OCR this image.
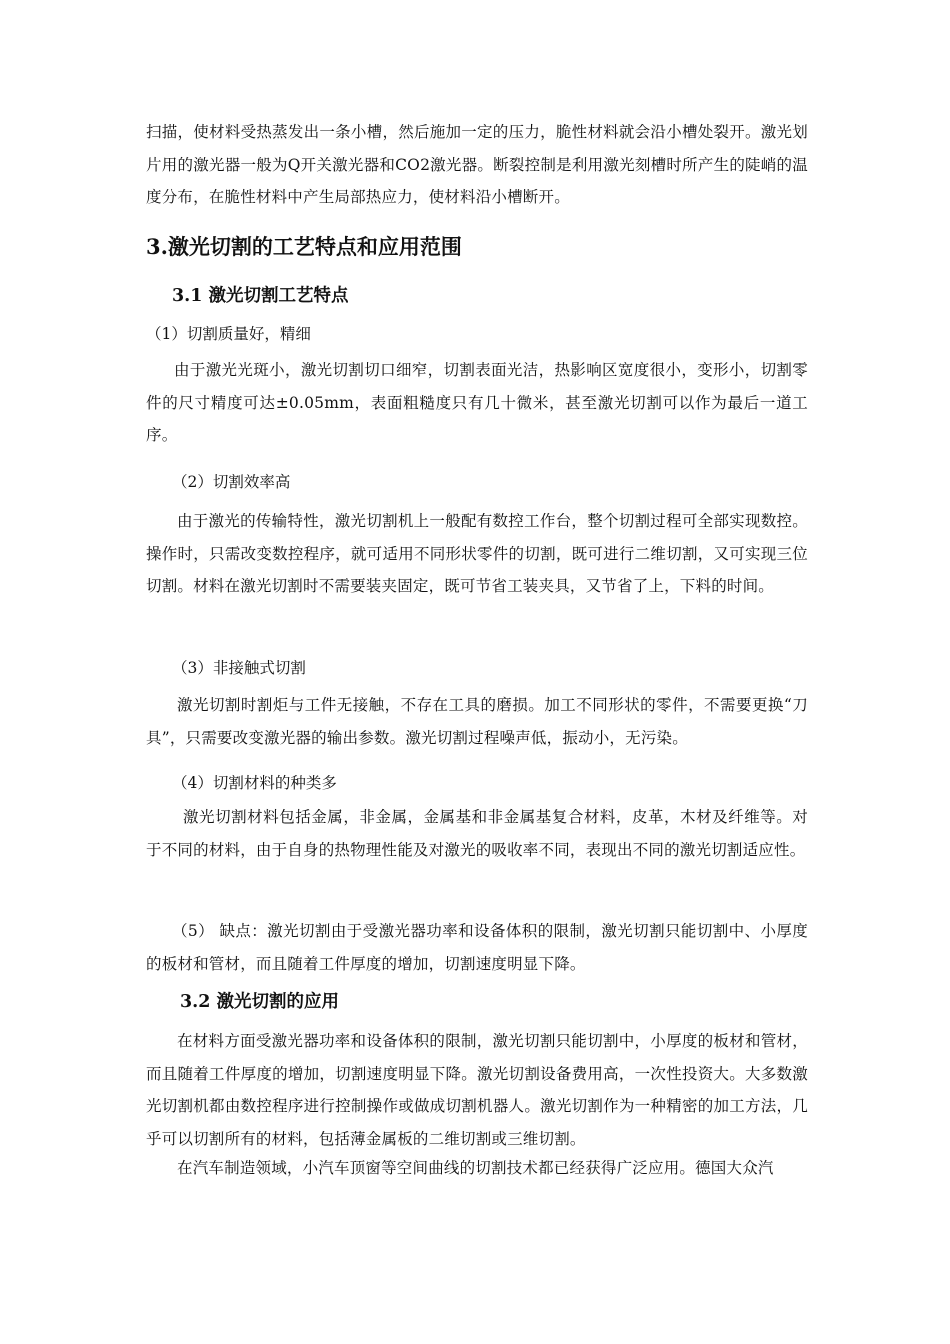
扫描，使材料受热蒸发出一条小槽，然后施加一定的压力，脆性材料就会沿小槽处裂开。激光划片用的激光器一般为Q开关激光器和CO2激光器。断裂控制是利用激光刻槽时所产生的陡峭的温度分布，在脆性材料中产生局部热应力，使材料沿小槽断开。

3.激光切割的工艺特点和应用范围
3.1 激光切割工艺特点

（1）切割质量好，精细

由于激光光斑小，激光切割切口细窄，切割表面光洁，热影响区宽度很小，变形小，切割零件的尺寸精度可达±0.05mm，表面粗糙度只有几十微米，甚至激光切割可以作为最后一道工序。

（2）切割效率高

由于激光的传输特性，激光切割机上一般配有数控工作台，整个切割过程可全部实现数控。操作时，只需改变数控程序，就可适用不同形状零件的切割，既可进行二维切割，又可实现三位切割。材料在激光切割时不需要装夹固定，既可节省工装夹具，又节省了上，下料的时间。

（3）非接触式切割

激光切割时割炬与工件无接触，不存在工具的磨损。加工不同形状的零件，不需要更换“刀具”，只需要改变激光器的输出参数。激光切割过程噪声低，振动小，无污染。

（4）切割材料的种类多

激光切割材料包括金属，非金属，金属基和非金属基复合材料，皮革，木材及纤维等。对于不同的材料，由于自身的热物理性能及对激光的吸收率不同，表现出不同的激光切割适应性。

（5） 缺点：激光切割由于受激光器功率和设备体积的限制，激光切割只能切割中、小厚度的板材和管材，而且随着工件厚度的增加，切割速度明显下降。

3.2 激光切割的应用

在材料方面受激光器功率和设备体积的限制，激光切割只能切割中，小厚度的板材和管材，而且随着工件厚度的增加，切割速度明显下降。激光切割设备费用高，一次性投资大。大多数激光切割机都由数控程序进行控制操作或做成切割机器人。激光切割作为一种精密的加工方法，几乎可以切割所有的材料，包括薄金属板的二维切割或三维切割。

在汽车制造领域，小汽车顶窗等空间曲线的切割技术都已经获得广泛应用。德国大众汽
